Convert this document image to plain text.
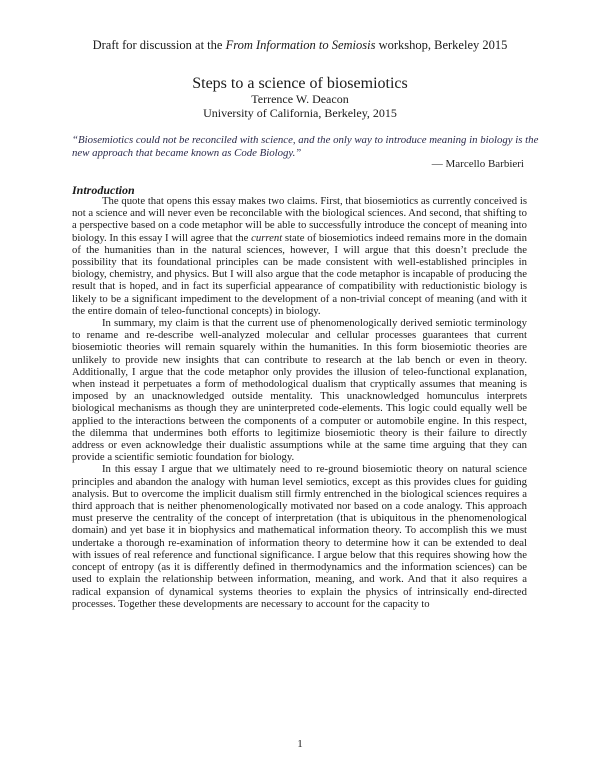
Draft for discussion at the From Information to Semiosis workshop, Berkeley 2015
Steps to a science of biosemiotics
Terrence W. Deacon
University of California, Berkeley, 2015
“Biosemiotics could not be reconciled with science, and the only way to introduce meaning in biology is the new approach that became known as Code Biology.”
— Marcello Barbieri
Introduction

The quote that opens this essay makes two claims. First, that biosemiotics as currently conceived is not a science and will never even be reconcilable with the biological sciences. And second, that shifting to a perspective based on a code metaphor will be able to successfully introduce the concept of meaning into biology. In this essay I will agree that the current state of biosemiotics indeed remains more in the domain of the humanities than in the natural sciences, however, I will argue that this doesn’t preclude the possibility that its foundational principles can be made consistent with well-established principles in biology, chemistry, and physics. But I will also argue that the code metaphor is incapable of producing the result that is hoped, and in fact its superficial appearance of compatibility with reductionistic biology is likely to be a significant impediment to the development of a non-trivial concept of meaning (and with it the entire domain of teleo-functional concepts) in biology.

In summary, my claim is that the current use of phenomenologically derived semiotic terminology to rename and re-describe well-analyzed molecular and cellular processes guarantees that current biosemiotic theories will remain squarely within the humanities. In this form biosemiotic theories are unlikely to provide new insights that can contribute to research at the lab bench or even in theory. Additionally, I argue that the code metaphor only provides the illusion of teleo-functional explanation, when instead it perpetuates a form of methodological dualism that cryptically assumes that meaning is imposed by an unacknowledged outside mentality. This unacknowledged homunculus interprets biological mechanisms as though they are uninterpreted code-elements. This logic could equally well be applied to the interactions between the components of a computer or automobile engine. In this respect, the dilemma that undermines both efforts to legitimize biosemiotic theory is their failure to directly address or even acknowledge their dualistic assumptions while at the same time arguing that they can provide a scientific semiotic foundation for biology.

In this essay I argue that we ultimately need to re-ground biosemiotic theory on natural science principles and abandon the analogy with human level semiotics, except as this provides clues for guiding analysis. But to overcome the implicit dualism still firmly entrenched in the biological sciences requires a third approach that is neither phenomenologically motivated nor based on a code analogy. This approach must preserve the centrality of the concept of interpretation (that is ubiquitous in the phenomenological domain) and yet base it in biophysics and mathematical information theory. To accomplish this we must undertake a thorough re-examination of information theory to determine how it can be extended to deal with issues of real reference and functional significance. I argue below that this requires showing how the concept of entropy (as it is differently defined in thermodynamics and the information sciences) can be used to explain the relationship between information, meaning, and work. And that it also requires a radical expansion of dynamical systems theories to explain the physics of intrinsically end-directed processes. Together these developments are necessary to account for the capacity to

1
